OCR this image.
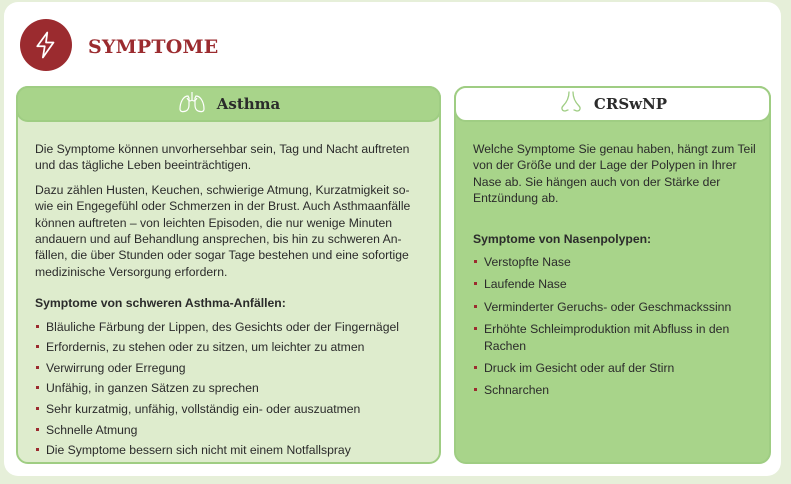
SYMPTOME
Asthma

Die Symptome können unvorhersehbar sein, Tag und Nacht auftreten und das tägliche Leben beeinträchtigen.

Dazu zählen Husten, Keuchen, schwierige Atmung, Kurzatmigkeit so-wie ein Engegefühl oder Schmerzen in der Brust. Auch Asthmaanfälle können auftreten – von leichten Episoden, die nur wenige Minuten andauern und auf Behandlung ansprechen, bis hin zu schweren An-fällen, die über Stunden oder sogar Tage bestehen und eine sofortige medizinische Versorgung erfordern.

Symptome von schweren Asthma-Anfällen:
Bläuliche Färbung der Lippen, des Gesichts oder der Fingernägel
Erfordernis, zu stehen oder zu sitzen, um leichter zu atmen
Verwirrung oder Erregung
Unfähig, in ganzen Sätzen zu sprechen
Sehr kurzatmig, unfähig, vollständig ein- oder auszuatmen
Schnelle Atmung
Die Symptome bessern sich nicht mit einem Notfallspray
CRSwNP

Welche Symptome Sie genau haben, hängt zum Teil von der Größe und der Lage der Polypen in Ihrer Nase ab. Sie hängen auch von der Stärke der Entzündung ab.

Symptome von Nasenpolypen:
Verstopfte Nase
Laufende Nase
Verminderter Geruchs- oder Geschmackssinn
Erhöhte Schleimproduktion mit Abfluss in den Rachen
Druck im Gesicht oder auf der Stirn
Schnarchen
